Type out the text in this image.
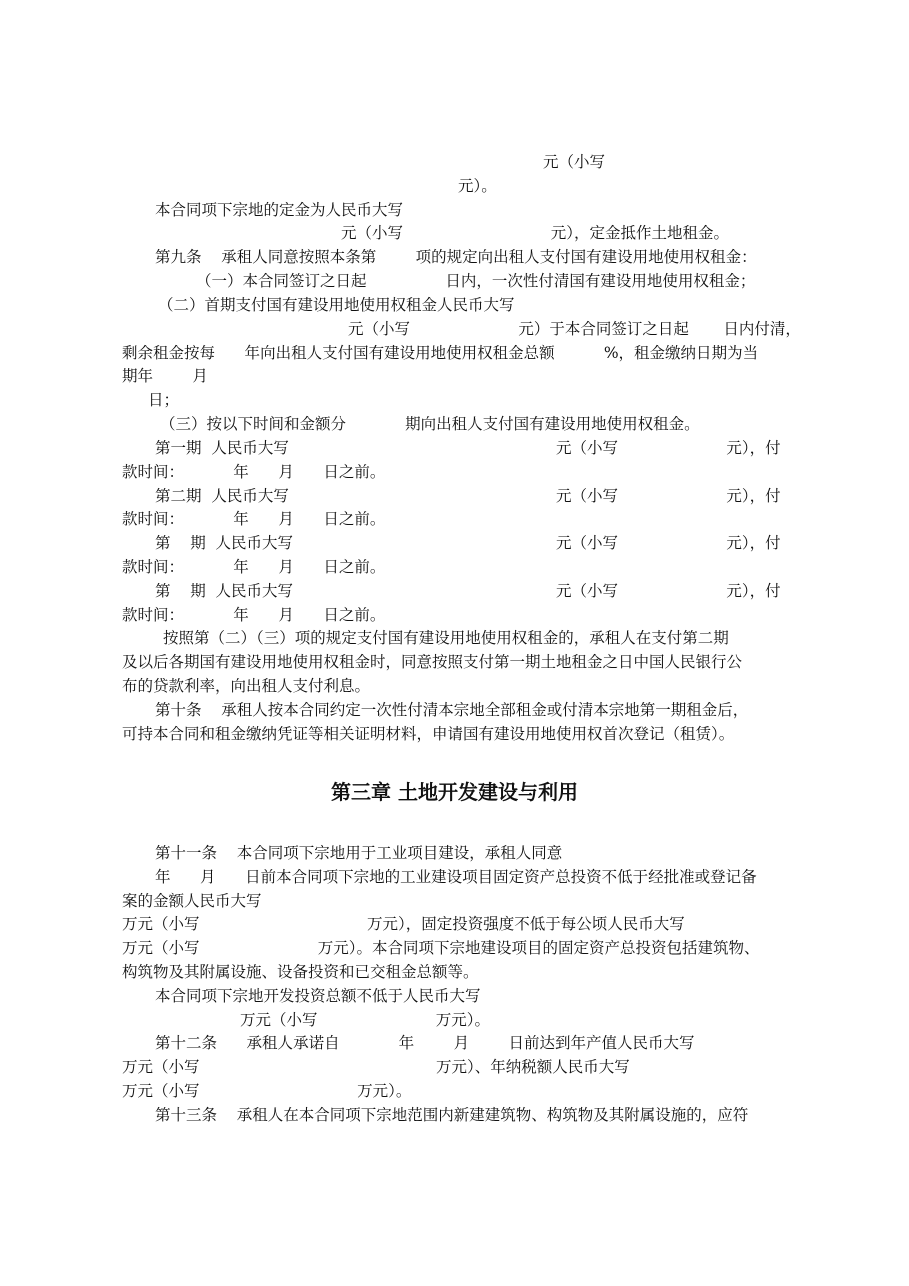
元（小写

元）。

本合同项下宗地的定金为人民币大写

元（小写                              元），定金抵作土地租金。

第九条    承租人同意按照本条第        项的规定向出租人支付国有建设用地使用权租金：

（一）本合同签订之日起                日内，一次性付清国有建设用地使用权租金；

（二）首期支付国有建设用地使用权租金人民币大写

元（小写                      元）于本合同签订之日起       日内付清，

剩余租金按每      年向出租人支付国有建设用地使用权租金总额          %，租金缴纳日期为当

期年        月

日；

（三）按以下时间和金额分            期向出租人支付国有建设用地使用权租金。

第一期  人民币大写	元（小写                      元），付

款时间：          年      月      日之前。

第二期  人民币大写	元（小写                      元），付

款时间：          年      月      日之前。

第    期  人民币大写	元（小写                      元），付

款时间：          年      月      日之前。

第    期  人民币大写	元（小写                      元），付

款时间：          年      月      日之前。

按照第（二）（三）项的规定支付国有建设用地使用权租金的，承租人在支付第二期

及以后各期国有建设用地使用权租金时，同意按照支付第一期土地租金之日中国人民银行公

布的贷款利率，向出租人支付利息。

第十条    承租人按本合同约定一次性付清本宗地全部租金或付清本宗地第一期租金后，

可持本合同和租金缴纳凭证等相关证明材料，申请国有建设用地使用权首次登记（租赁）。

第三章 土地开发建设与利用

第十一条    本合同项下宗地用于工业项目建设，承租人同意

年      月      日前本合同项下宗地的工业建设项目固定资产总投资不低于经批准或登记备

案的金额人民币大写

万元（小写                                  万元），固定投资强度不低于每公顷人民币大写

万元（小写                        万元）。本合同项下宗地建设项目的固定资产总投资包括建筑物、

构筑物及其附属设施、设备投资和已交租金总额等。

本合同项下宗地开发投资总额不低于人民币大写

万元（小写                        万元）。

第十二条      承租人承诺自            年        月        日前达到年产值人民币大写

万元（小写                                                万元）、年纳税额人民币大写

万元（小写                                万元）。

第十三条    承租人在本合同项下宗地范围内新建建筑物、构筑物及其附属设施的，应符
